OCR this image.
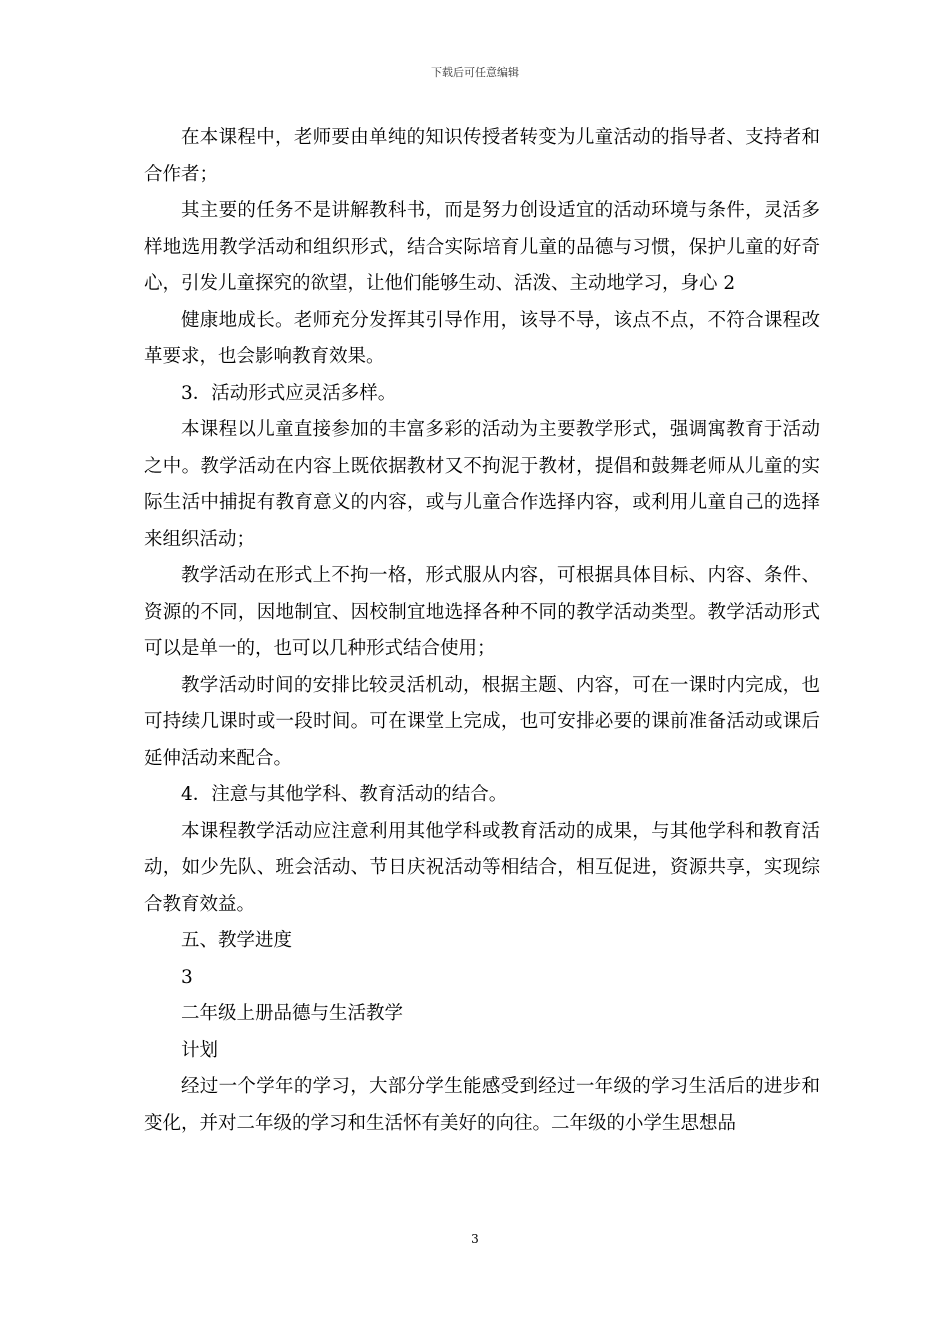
下载后可任意编辑

在本课程中，老师要由单纯的知识传授者转变为儿童活动的指导者、支持者和合作者；

其主要的任务不是讲解教科书，而是努力创设适宜的活动环境与条件，灵活多样地选用教学活动和组织形式，结合实际培育儿童的品德与习惯，保护儿童的好奇心，引发儿童探究的欲望，让他们能够生动、活泼、主动地学习，身心 2

健康地成长。老师充分发挥其引导作用，该导不导，该点不点，不符合课程改革要求，也会影响教育效果。

3．活动形式应灵活多样。

本课程以儿童直接参加的丰富多彩的活动为主要教学形式，强调寓教育于活动之中。教学活动在内容上既依据教材又不拘泥于教材，提倡和鼓舞老师从儿童的实际生活中捕捉有教育意义的内容，或与儿童合作选择内容，或利用儿童自己的选择来组织活动；

教学活动在形式上不拘一格，形式服从内容，可根据具体目标、内容、条件、资源的不同，因地制宜、因校制宜地选择各种不同的教学活动类型。教学活动形式可以是单一的，也可以几种形式结合使用；

教学活动时间的安排比较灵活机动，根据主题、内容，可在一课时内完成，也可持续几课时或一段时间。可在课堂上完成，也可安排必要的课前准备活动或课后延伸活动来配合。

4．注意与其他学科、教育活动的结合。

本课程教学活动应注意利用其他学科或教育活动的成果，与其他学科和教育活动，如少先队、班会活动、节日庆祝活动等相结合，相互促进，资源共享，实现综合教育效益。

五、教学进度

3

二年级上册品德与生活教学

计划

经过一个学年的学习，大部分学生能感受到经过一年级的学习生活后的进步和变化，并对二年级的学习和生活怀有美好的向往。二年级的小学生思想品

3
